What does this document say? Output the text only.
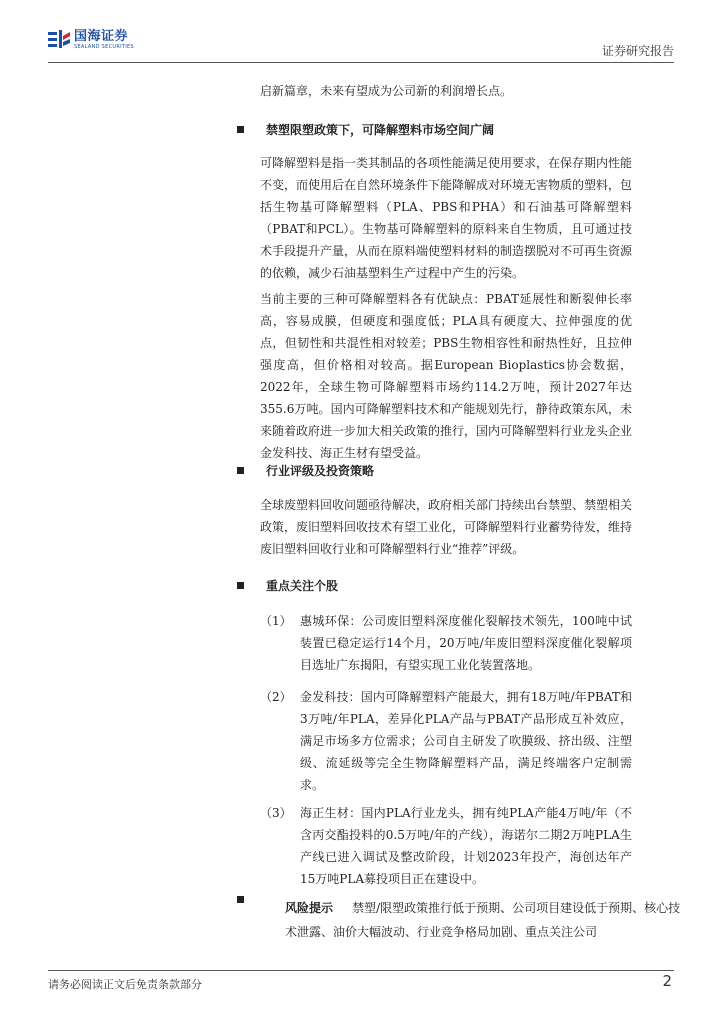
国海证券
SEALAND SECURITIES	证券研究报告

启新篇章，未来有望成为公司新的利润增长点。

禁塑限塑政策下，可降解塑料市场空间广阔

可降解塑料是指一类其制品的各项性能满足使用要求，在保存期内性能不变，而使用后在自然环境条件下能降解成对环境无害物质的塑料，包括生物基可降解塑料（PLA、PBS和PHA）和石油基可降解塑料（PBAT和PCL）。生物基可降解塑料的原料来自生物质，且可通过技术手段提升产量，从而在原料端使塑料材料的制造摆脱对不可再生资源的依赖，减少石油基塑料生产过程中产生的污染。

当前主要的三种可降解塑料各有优缺点：PBAT延展性和断裂伸长率高，容易成膜，但硬度和强度低；PLA具有硬度大、拉伸强度的优点，但韧性和共混性相对较差；PBS生物相容性和耐热性好，且拉伸强度高，但价格相对较高。据European Bioplastics协会数据，2022年，全球生物可降解塑料市场约114.2万吨，预计2027年达355.6万吨。国内可降解塑料技术和产能规划先行，静待政策东风，未来随着政府进一步加大相关政策的推行，国内可降解塑料行业龙头企业金发科技、海正生材有望受益。

行业评级及投资策略

全球废塑料回收问题亟待解决，政府相关部门持续出台禁塑、禁塑相关政策，废旧塑料回收技术有望工业化，可降解塑料行业蓄势待发，维持废旧塑料回收行业和可降解塑料行业“推荐”评级。

重点关注个股
（1） 惠城环保：公司废旧塑料深度催化裂解技术领先，100吨中试装置已稳定运行14个月，20万吨/年废旧塑料深度催化裂解项目选址广东揭阳，有望实现工业化装置落地。
（2） 金发科技：国内可降解塑料产能最大，拥有18万吨/年PBAT和3万吨/年PLA，差异化PLA产品与PBAT产品形成互补效应，满足市场多方位需求；公司自主研发了吹膜级、挤出级、注塑级、流延级等完全生物降解塑料产品，满足终端客户定制需求。
（3） 海正生材：国内PLA行业龙头，拥有纯PLA产能4万吨/年（不含丙交酯投料的0.5万吨/年的产线），海诺尔二期2万吨PLA生产线已进入调试及整改阶段，计划2023年投产，海创达年产15万吨PLA募投项目正在建设中。
风险提示 禁塑/限塑政策推行低于预期、公司项目建设低于预期、核心技术泄露、油价大幅波动、行业竞争格局加剧、重点关注公司
请务必阅读正文后免责条款部分	2
